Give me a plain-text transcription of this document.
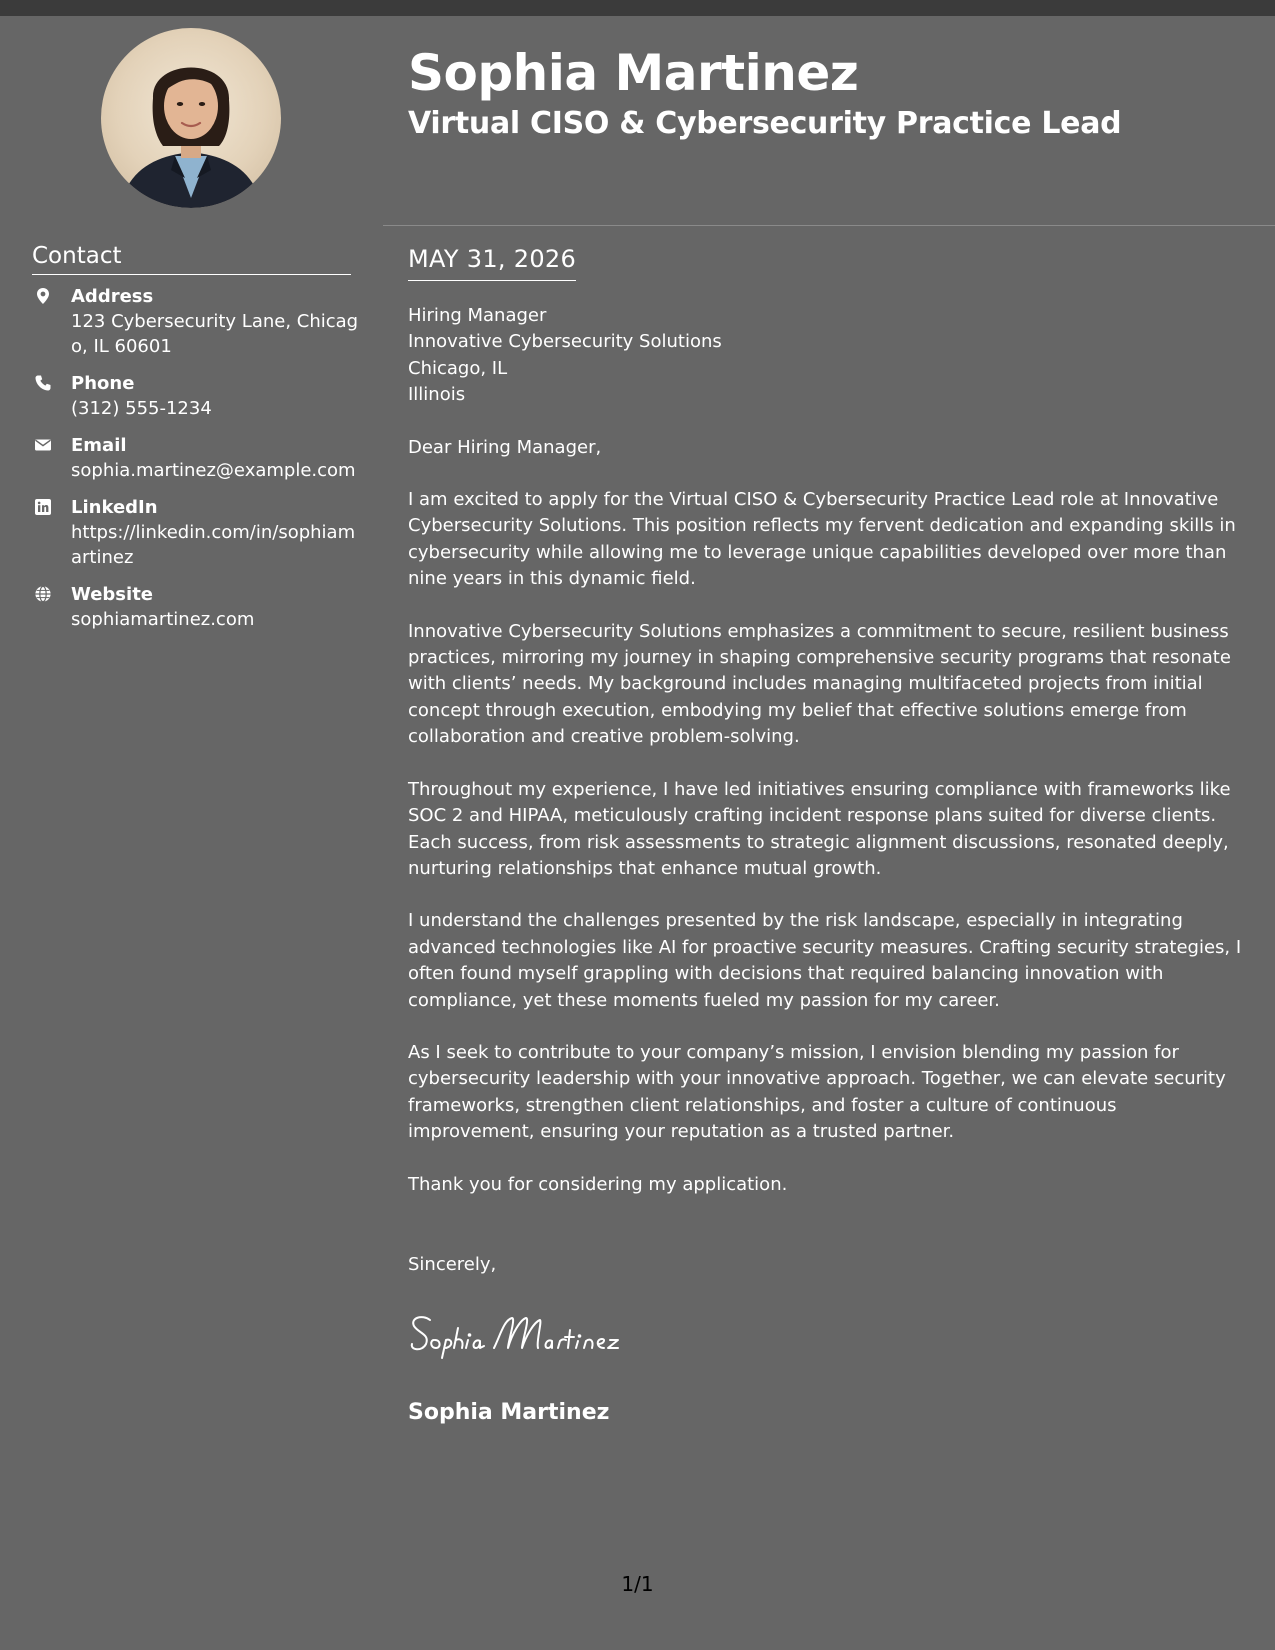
Contact
Address
123 Cybersecurity Lane, Chicago, IL 60601
Phone
(312) 555-1234
Email
sophia.martinez@example.com
LinkedIn
https://linkedin.com/in/sophiamartinez
Website
sophiamartinez.com
Sophia Martinez
Virtual CISO & Cybersecurity Practice Lead
MAY 31, 2026
Hiring Manager
Innovative Cybersecurity Solutions
Chicago, IL
Illinois
Dear Hiring Manager,

I am excited to apply for the Virtual CISO & Cybersecurity Practice Lead role at Innovative Cybersecurity Solutions. This position reflects my fervent dedication and expanding skills in cybersecurity while allowing me to leverage unique capabilities developed over more than nine years in this dynamic field.

Innovative Cybersecurity Solutions emphasizes a commitment to secure, resilient business practices, mirroring my journey in shaping comprehensive security programs that resonate with clients’ needs. My background includes managing multifaceted projects from initial concept through execution, embodying my belief that effective solutions emerge from collaboration and creative problem-solving.

Throughout my experience, I have led initiatives ensuring compliance with frameworks like SOC 2 and HIPAA, meticulously crafting incident response plans suited for diverse clients. Each success, from risk assessments to strategic alignment discussions, resonated deeply, nurturing relationships that enhance mutual growth.

I understand the challenges presented by the risk landscape, especially in integrating advanced technologies like AI for proactive security measures. Crafting security strategies, I often found myself grappling with decisions that required balancing innovation with compliance, yet these moments fueled my passion for my career.

As I seek to contribute to your company’s mission, I envision blending my passion for cybersecurity leadership with your innovative approach. Together, we can elevate security frameworks, strengthen client relationships, and foster a culture of continuous improvement, ensuring your reputation as a trusted partner.

Thank you for considering my application.

Sincerely,
Sophia Martinez
1/1
